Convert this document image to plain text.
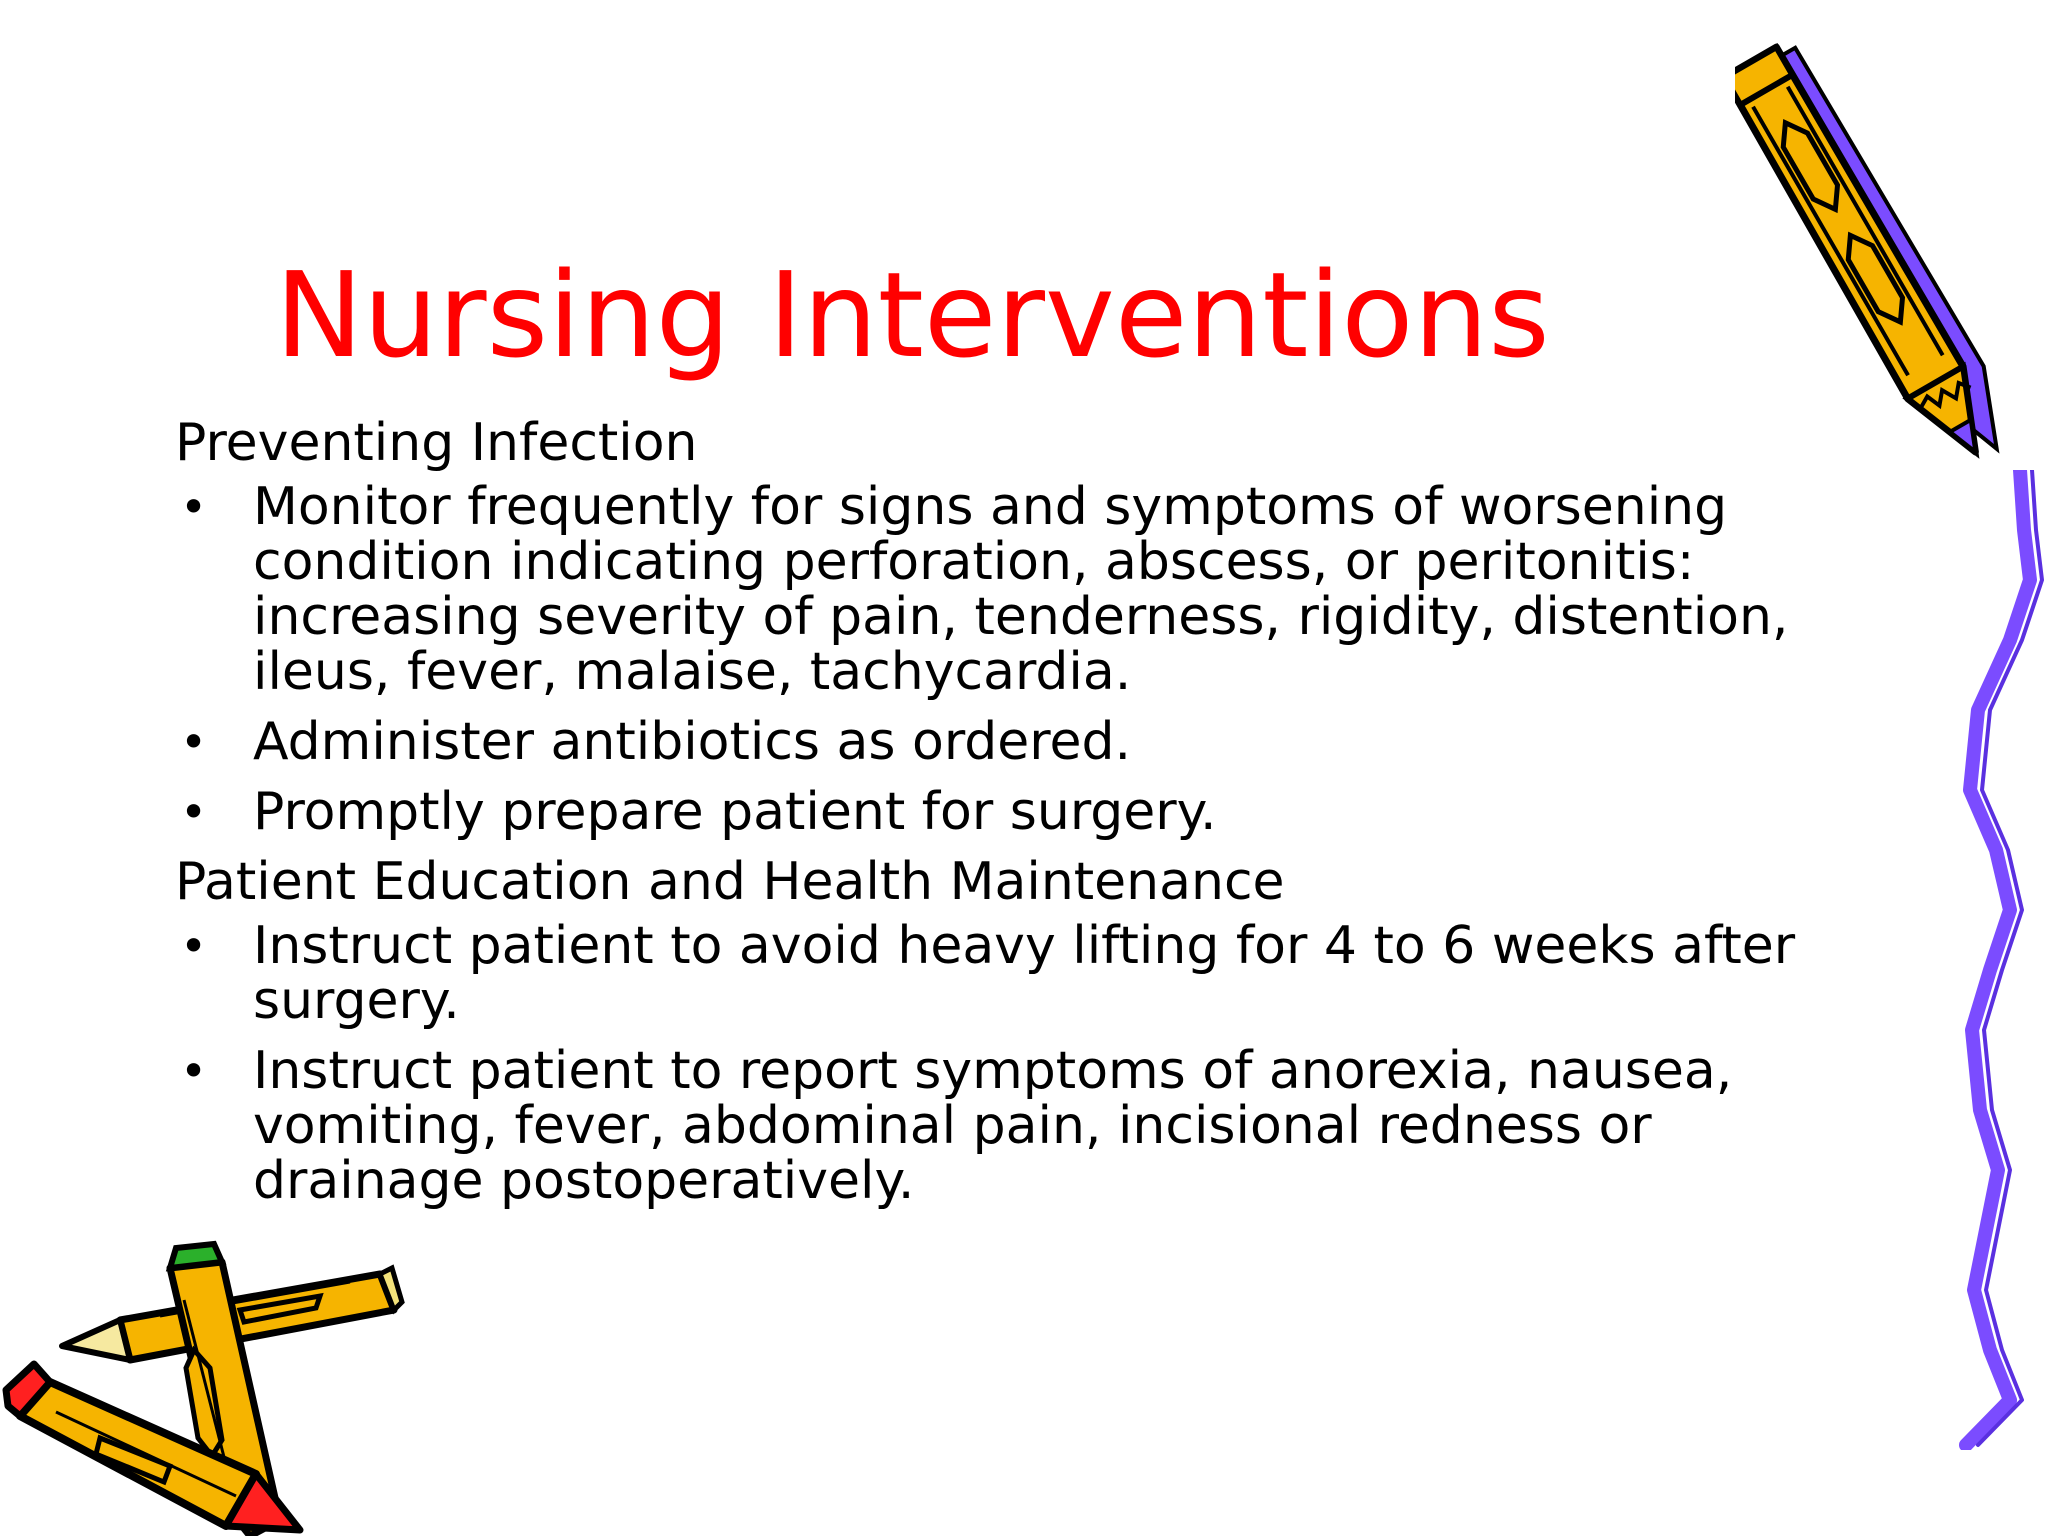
Nursing Interventions
Preventing Infection
• Monitor frequently for signs and symptoms of worsening condition indicating perforation, abscess, or peritonitis: increasing severity of pain, tenderness, rigidity, distention, ileus, fever, malaise, tachycardia.
• Administer antibiotics as ordered.
• Promptly prepare patient for surgery.
Patient Education and Health Maintenance
• Instruct patient to avoid heavy lifting for 4 to 6 weeks after surgery.
• Instruct patient to report symptoms of anorexia, nausea, vomiting, fever, abdominal pain, incisional redness or drainage postoperatively.
